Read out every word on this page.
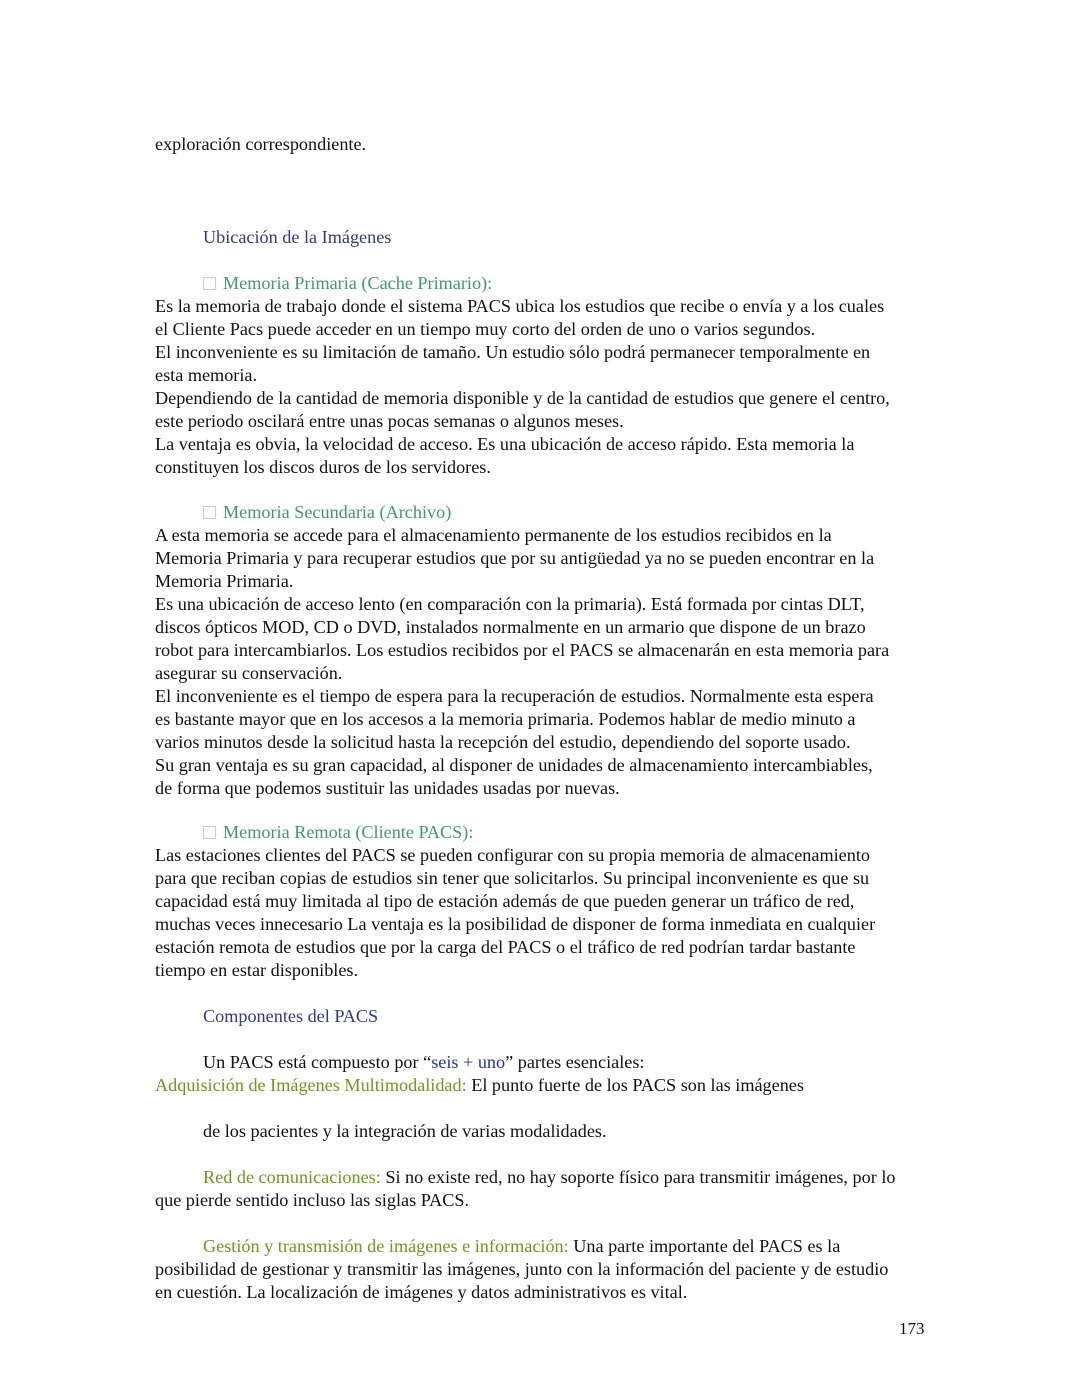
exploración correspondiente.
Ubicación de la Imágenes
Memoria Primaria (Cache Primario):
Es la memoria de trabajo donde el sistema PACS ubica los estudios que recibe o envía y a los cuales
el Cliente Pacs puede acceder en un tiempo muy corto del orden de uno o varios segundos.
El inconveniente es su limitación de tamaño. Un estudio sólo podrá permanecer temporalmente en
esta memoria.
Dependiendo de la cantidad de memoria disponible y de la cantidad de estudios que genere el centro,
este periodo oscilará entre unas pocas semanas o algunos meses.
La ventaja es obvia, la velocidad de acceso. Es una ubicación de acceso rápido. Esta memoria la
constituyen los discos duros de los servidores.
Memoria Secundaria (Archivo)
A esta memoria se accede para el almacenamiento permanente de los estudios recibidos en la
Memoria Primaria y para recuperar estudios que por su antigüedad ya no se pueden encontrar en la
Memoria Primaria.
Es una ubicación de acceso lento (en comparación con la primaria). Está formada por cintas DLT,
discos ópticos MOD, CD o DVD, instalados normalmente en un armario que dispone de un brazo
robot para intercambiarlos. Los estudios recibidos por el PACS se almacenarán en esta memoria para
asegurar su conservación.
El inconveniente es el tiempo de espera para la recuperación de estudios. Normalmente esta espera
es bastante mayor que en los accesos a la memoria primaria. Podemos hablar de medio minuto a
varios minutos desde la solicitud hasta la recepción del estudio, dependiendo del soporte usado.
Su gran ventaja es su gran capacidad, al disponer de unidades de almacenamiento intercambiables,
de forma que podemos sustituir las unidades usadas por nuevas.
Memoria Remota (Cliente PACS):
Las estaciones clientes del PACS se pueden configurar con su propia memoria de almacenamiento
para que reciban copias de estudios sin tener que solicitarlos. Su principal inconveniente es que su
capacidad está muy limitada al tipo de estación además de que pueden generar un tráfico de red,
muchas veces innecesario La ventaja es la posibilidad de disponer de forma inmediata en cualquier
estación remota de estudios que por la carga del PACS o el tráfico de red podrían tardar bastante
tiempo en estar disponibles.
Componentes del PACS
Un PACS está compuesto por “seis + uno” partes esenciales:
Adquisición de Imágenes Multimodalidad: El punto fuerte de los PACS son las imágenes
de los pacientes y la integración de varias modalidades.
Red de comunicaciones: Si no existe red, no hay soporte físico para transmitir imágenes, por lo
que pierde sentido incluso las siglas PACS.
Gestión y transmisión de imágenes e información: Una parte importante del PACS es la
posibilidad de gestionar y transmitir las imágenes, junto con la información del paciente y de estudio
en cuestión. La localización de imágenes y datos administrativos es vital.
173
